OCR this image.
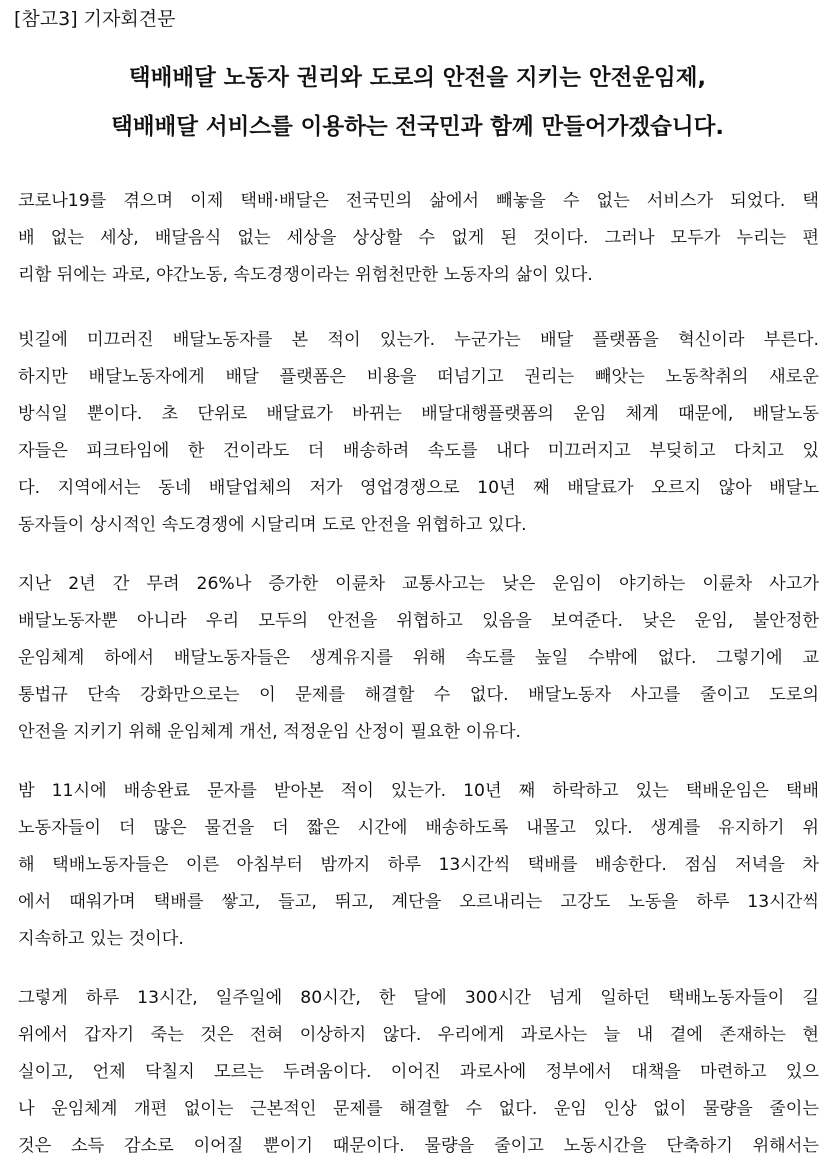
[참고3] 기자회견문
택배배달 노동자 권리와 도로의 안전을 지키는 안전운임제,
택배배달 서비스를 이용하는 전국민과 함께 만들어가겠습니다.
코로나19를 겪으며 이제 택배·배달은 전국민의 삶에서 빼놓을 수 없는 서비스가 되었다. 택
배 없는 세상, 배달음식 없는 세상을 상상할 수 없게 된 것이다. 그러나 모두가 누리는 편
리함 뒤에는 과로, 야간노동, 속도경쟁이라는 위험천만한 노동자의 삶이 있다.
빗길에 미끄러진 배달노동자를 본 적이 있는가. 누군가는 배달 플랫폼을 혁신이라 부른다.
하지만 배달노동자에게 배달 플랫폼은 비용을 떠넘기고 권리는 빼앗는 노동착취의 새로운
방식일 뿐이다. 초 단위로 배달료가 바뀌는 배달대행플랫폼의 운임 체계 때문에, 배달노동
자들은 피크타임에 한 건이라도 더 배송하려 속도를 내다 미끄러지고 부딪히고 다치고 있
다. 지역에서는 동네 배달업체의 저가 영업경쟁으로 10년 째 배달료가 오르지 않아 배달노
동자들이 상시적인 속도경쟁에 시달리며 도로 안전을 위협하고 있다.
지난 2년 간 무려 26%나 증가한 이륜차 교통사고는 낮은 운임이 야기하는 이륜차 사고가
배달노동자뿐 아니라 우리 모두의 안전을 위협하고 있음을 보여준다. 낮은 운임, 불안정한
운임체계 하에서 배달노동자들은 생계유지를 위해 속도를 높일 수밖에 없다. 그렇기에 교
통법규 단속 강화만으로는 이 문제를 해결할 수 없다. 배달노동자 사고를 줄이고 도로의
안전을 지키기 위해 운임체계 개선, 적정운임 산정이 필요한 이유다.
밤 11시에 배송완료 문자를 받아본 적이 있는가. 10년 째 하락하고 있는 택배운임은 택배
노동자들이 더 많은 물건을 더 짧은 시간에 배송하도록 내몰고 있다. 생계를 유지하기 위
해 택배노동자들은 이른 아침부터 밤까지 하루 13시간씩 택배를 배송한다. 점심 저녁을 차
에서 때워가며 택배를 쌓고, 들고, 뛰고, 계단을 오르내리는 고강도 노동을 하루 13시간씩
지속하고 있는 것이다.
그렇게 하루 13시간, 일주일에 80시간, 한 달에 300시간 넘게 일하던 택배노동자들이 길
위에서 갑자기 죽는 것은 전혀 이상하지 않다. 우리에게 과로사는 늘 내 곁에 존재하는 현
실이고, 언제 닥칠지 모르는 두려움이다. 이어진 과로사에 정부에서 대책을 마련하고 있으
나 운임체계 개편 없이는 근본적인 문제를 해결할 수 없다. 운임 인상 없이 물량을 줄이는
것은 소득 감소로 이어질 뿐이기 때문이다. 물량을 줄이고 노동시간을 단축하기 위해서는
